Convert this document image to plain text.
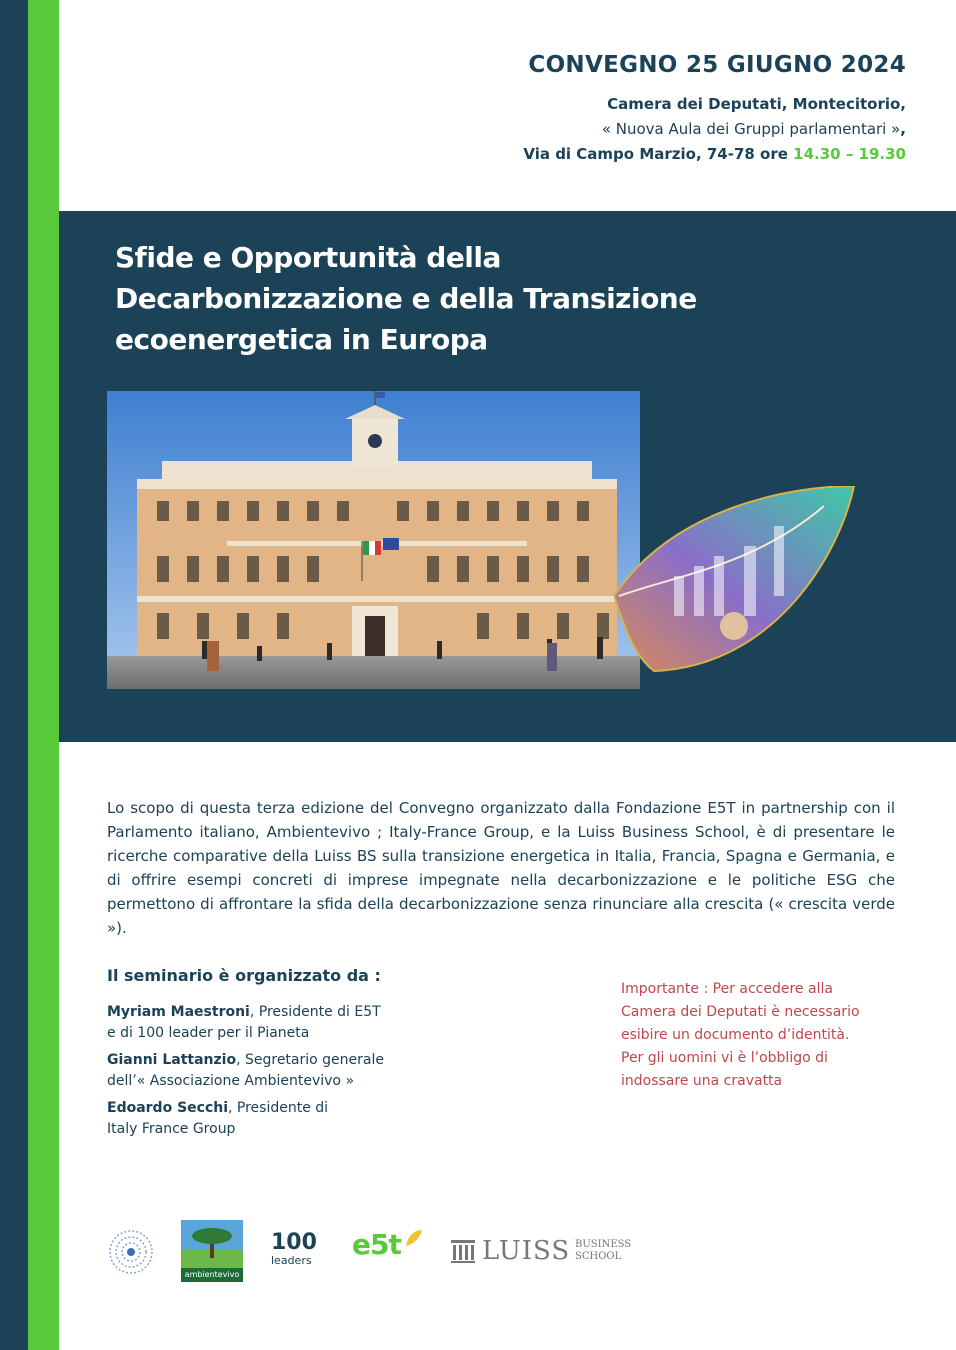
CONVEGNO 25 GIUGNO 2024
Camera dei Deputati, Montecitorio,
« Nuova Aula dei Gruppi parlamentari »,
Via di Campo Marzio, 74-78 ore 14.30 – 19.30
Sfide e Opportunità della
Decarbonizzazione e della Transizione
ecoenergetica in Europa
Lo scopo di questa terza edizione del Convegno organizzato dalla Fondazione E5T in partnership con il Parlamento italiano, Ambientevivo ; Italy-France Group, e la Luiss Business School, è di presentare le ricerche comparative della Luiss BS sulla transizione energetica in Italia, Francia, Spagna e Germania, e di offrire esempi concreti di imprese impegnate nella decarbonizzazione e le politiche ESG che permettono di affrontare la sfida della decarbonizzazione senza rinunciare alla crescita (« crescita verde »).
Il seminario è organizzato da :
Myriam Maestroni, Presidente di E5T
e di 100 leader per il Pianeta
Gianni Lattanzio, Segretario generale
dell’« Associazione Ambientevivo »
Edoardo Secchi, Presidente di
Italy France Group
Importante : Per accedere alla
Camera dei Deputati è necessario
esibire un documento d’identità.
Per gli uomini vi è l’obbligo di
indossare una cravatta
ambientevivo
100
leaders	e5t	LUISS BUSINESS
SCHOOL
